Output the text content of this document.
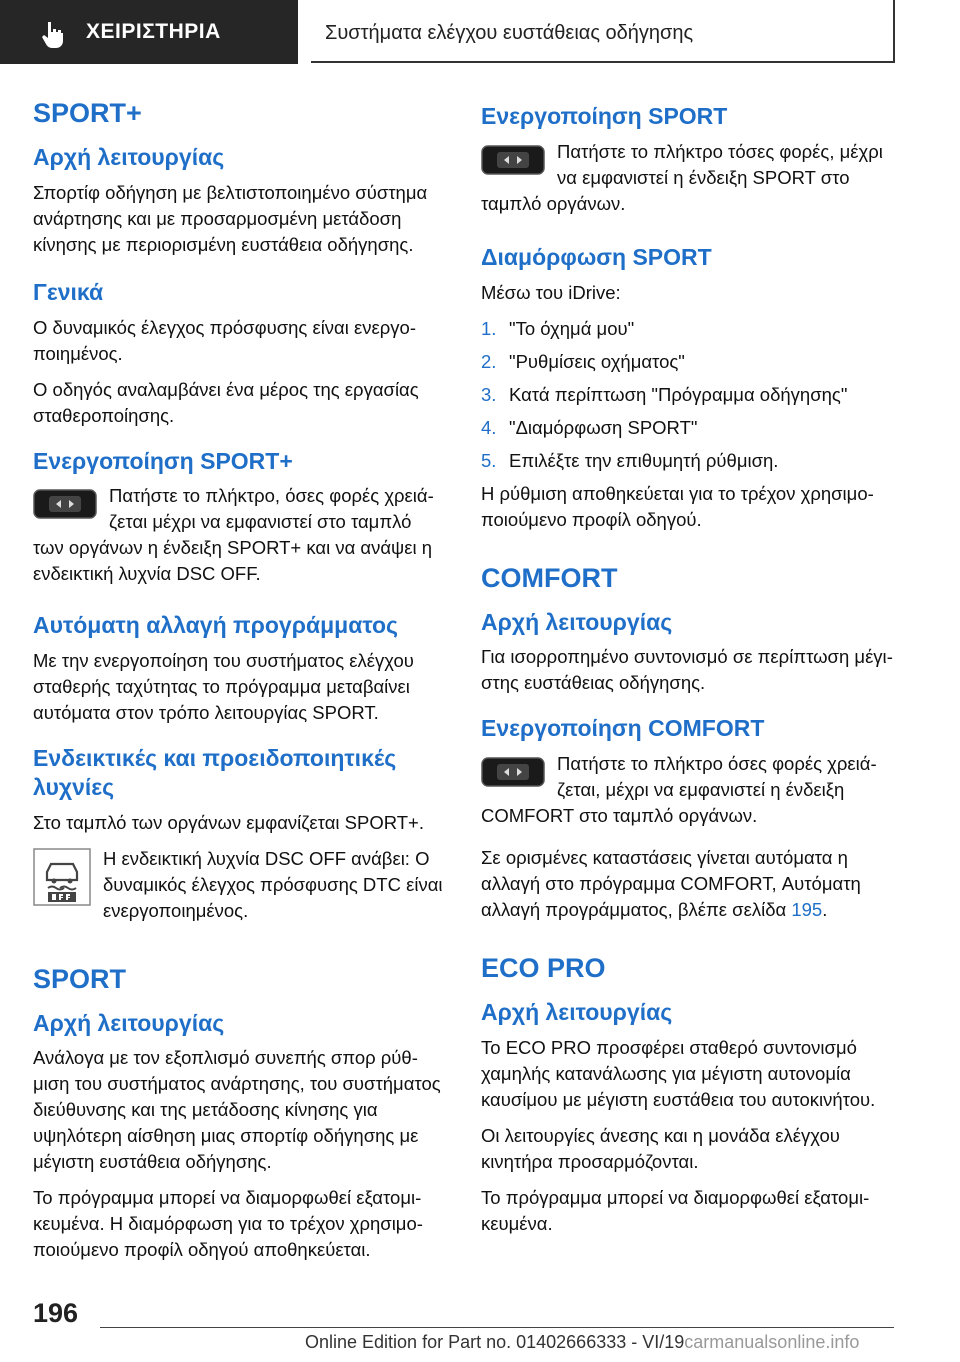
ΧΕΙΡΙΣΤΗΡΙΑ	Συστήματα ελέγχου ευστάθειας οδήγησης
SPORT+
Αρχή λειτουργίας

Σπορτίφ οδήγηση με βελτιστοποιημένο σύστημα ανάρτησης και με προσαρμοσμένη μετάδοση κίνησης με περιορισμένη ευστάθεια οδήγησης.

Γενικά

Ο δυναμικός έλεγχος πρόσφυσης είναι ενεργοποιημένος.

Ο οδηγός αναλαμβάνει ένα μέρος της εργασίας σταθεροποίησης.

Ενεργοποίηση SPORT+

Πατήστε το πλήκτρο, όσες φορές χρειάζεται μέχρι να εμφανιστεί στο ταμπλό

των οργάνων η ένδειξη SPORT+ και να ανάψει η ενδεικτική λυχνία DSC OFF.

Αυτόματη αλλαγή προγράμματος

Με την ενεργοποίηση του συστήματος ελέγχου σταθερής ταχύτητας το πρόγραμμα μεταβαίνει αυτόματα στον τρόπο λειτουργίας SPORT.

Ενδεικτικές και προειδοποιητικές λυχνίες

Στο ταμπλό των οργάνων εμφανίζεται SPORT+.

Η ενδεικτική λυχνία DSC OFF ανάβει: Ο δυναμικός έλεγχος πρόσφυσης DTC είναι ενεργοποιημένος.

SPORT
Αρχή λειτουργίας

Ανάλογα με τον εξοπλισμό συνεπής σπορ ρύθμιση του συστήματος ανάρτησης, του συστήματος διεύθυνσης και της μετάδοσης κίνησης για υψηλότερη αίσθηση μιας σπορτίφ οδήγησης με μέγιστη ευστάθεια οδήγησης.

Το πρόγραμμα μπορεί να διαμορφωθεί εξατομικευμένα. Η διαμόρφωση για το τρέχον χρησιμοποιούμενο προφίλ οδηγού αποθηκεύεται.

Ενεργοποίηση SPORT

Πατήστε το πλήκτρο τόσες φορές, μέχρι να εμφανιστεί η ένδειξη SPORT στο

ταμπλό οργάνων.

Διαμόρφωση SPORT

Μέσω του iDrive:

1. "Το όχημά μου"
2. "Ρυθμίσεις οχήματος"
3. Κατά περίπτωση "Πρόγραμμα οδήγησης"
4. "Διαμόρφωση SPORT"
5. Επιλέξτε την επιθυμητή ρύθμιση.

Η ρύθμιση αποθηκεύεται για το τρέχον χρησιμοποιούμενο προφίλ οδηγού.

COMFORT
Αρχή λειτουργίας

Για ισορροπημένο συντονισμό σε περίπτωση μέγιστης ευστάθειας οδήγησης.

Ενεργοποίηση COMFORT

Πατήστε το πλήκτρο όσες φορές χρειάζεται, μέχρι να εμφανιστεί η ένδειξη

COMFORT στο ταμπλό οργάνων.

Σε ορισμένες καταστάσεις γίνεται αυτόματα η αλλαγή στο πρόγραμμα COMFORT, Αυτόματη αλλαγή προγράμματος, βλέπε σελίδα 195.

ECO PRO
Αρχή λειτουργίας

Το ECO PRO προσφέρει σταθερό συντονισμό χαμηλής κατανάλωσης για μέγιστη αυτονομία καυσίμου με μέγιστη ευστάθεια του αυτοκινήτου.

Οι λειτουργίες άνεσης και η μονάδα ελέγχου κινητήρα προσαρμόζονται.

Το πρόγραμμα μπορεί να διαμορφωθεί εξατομικευμένα.

196
Online Edition for Part no. 01402666333 - VI/19carmanualsonline.info
